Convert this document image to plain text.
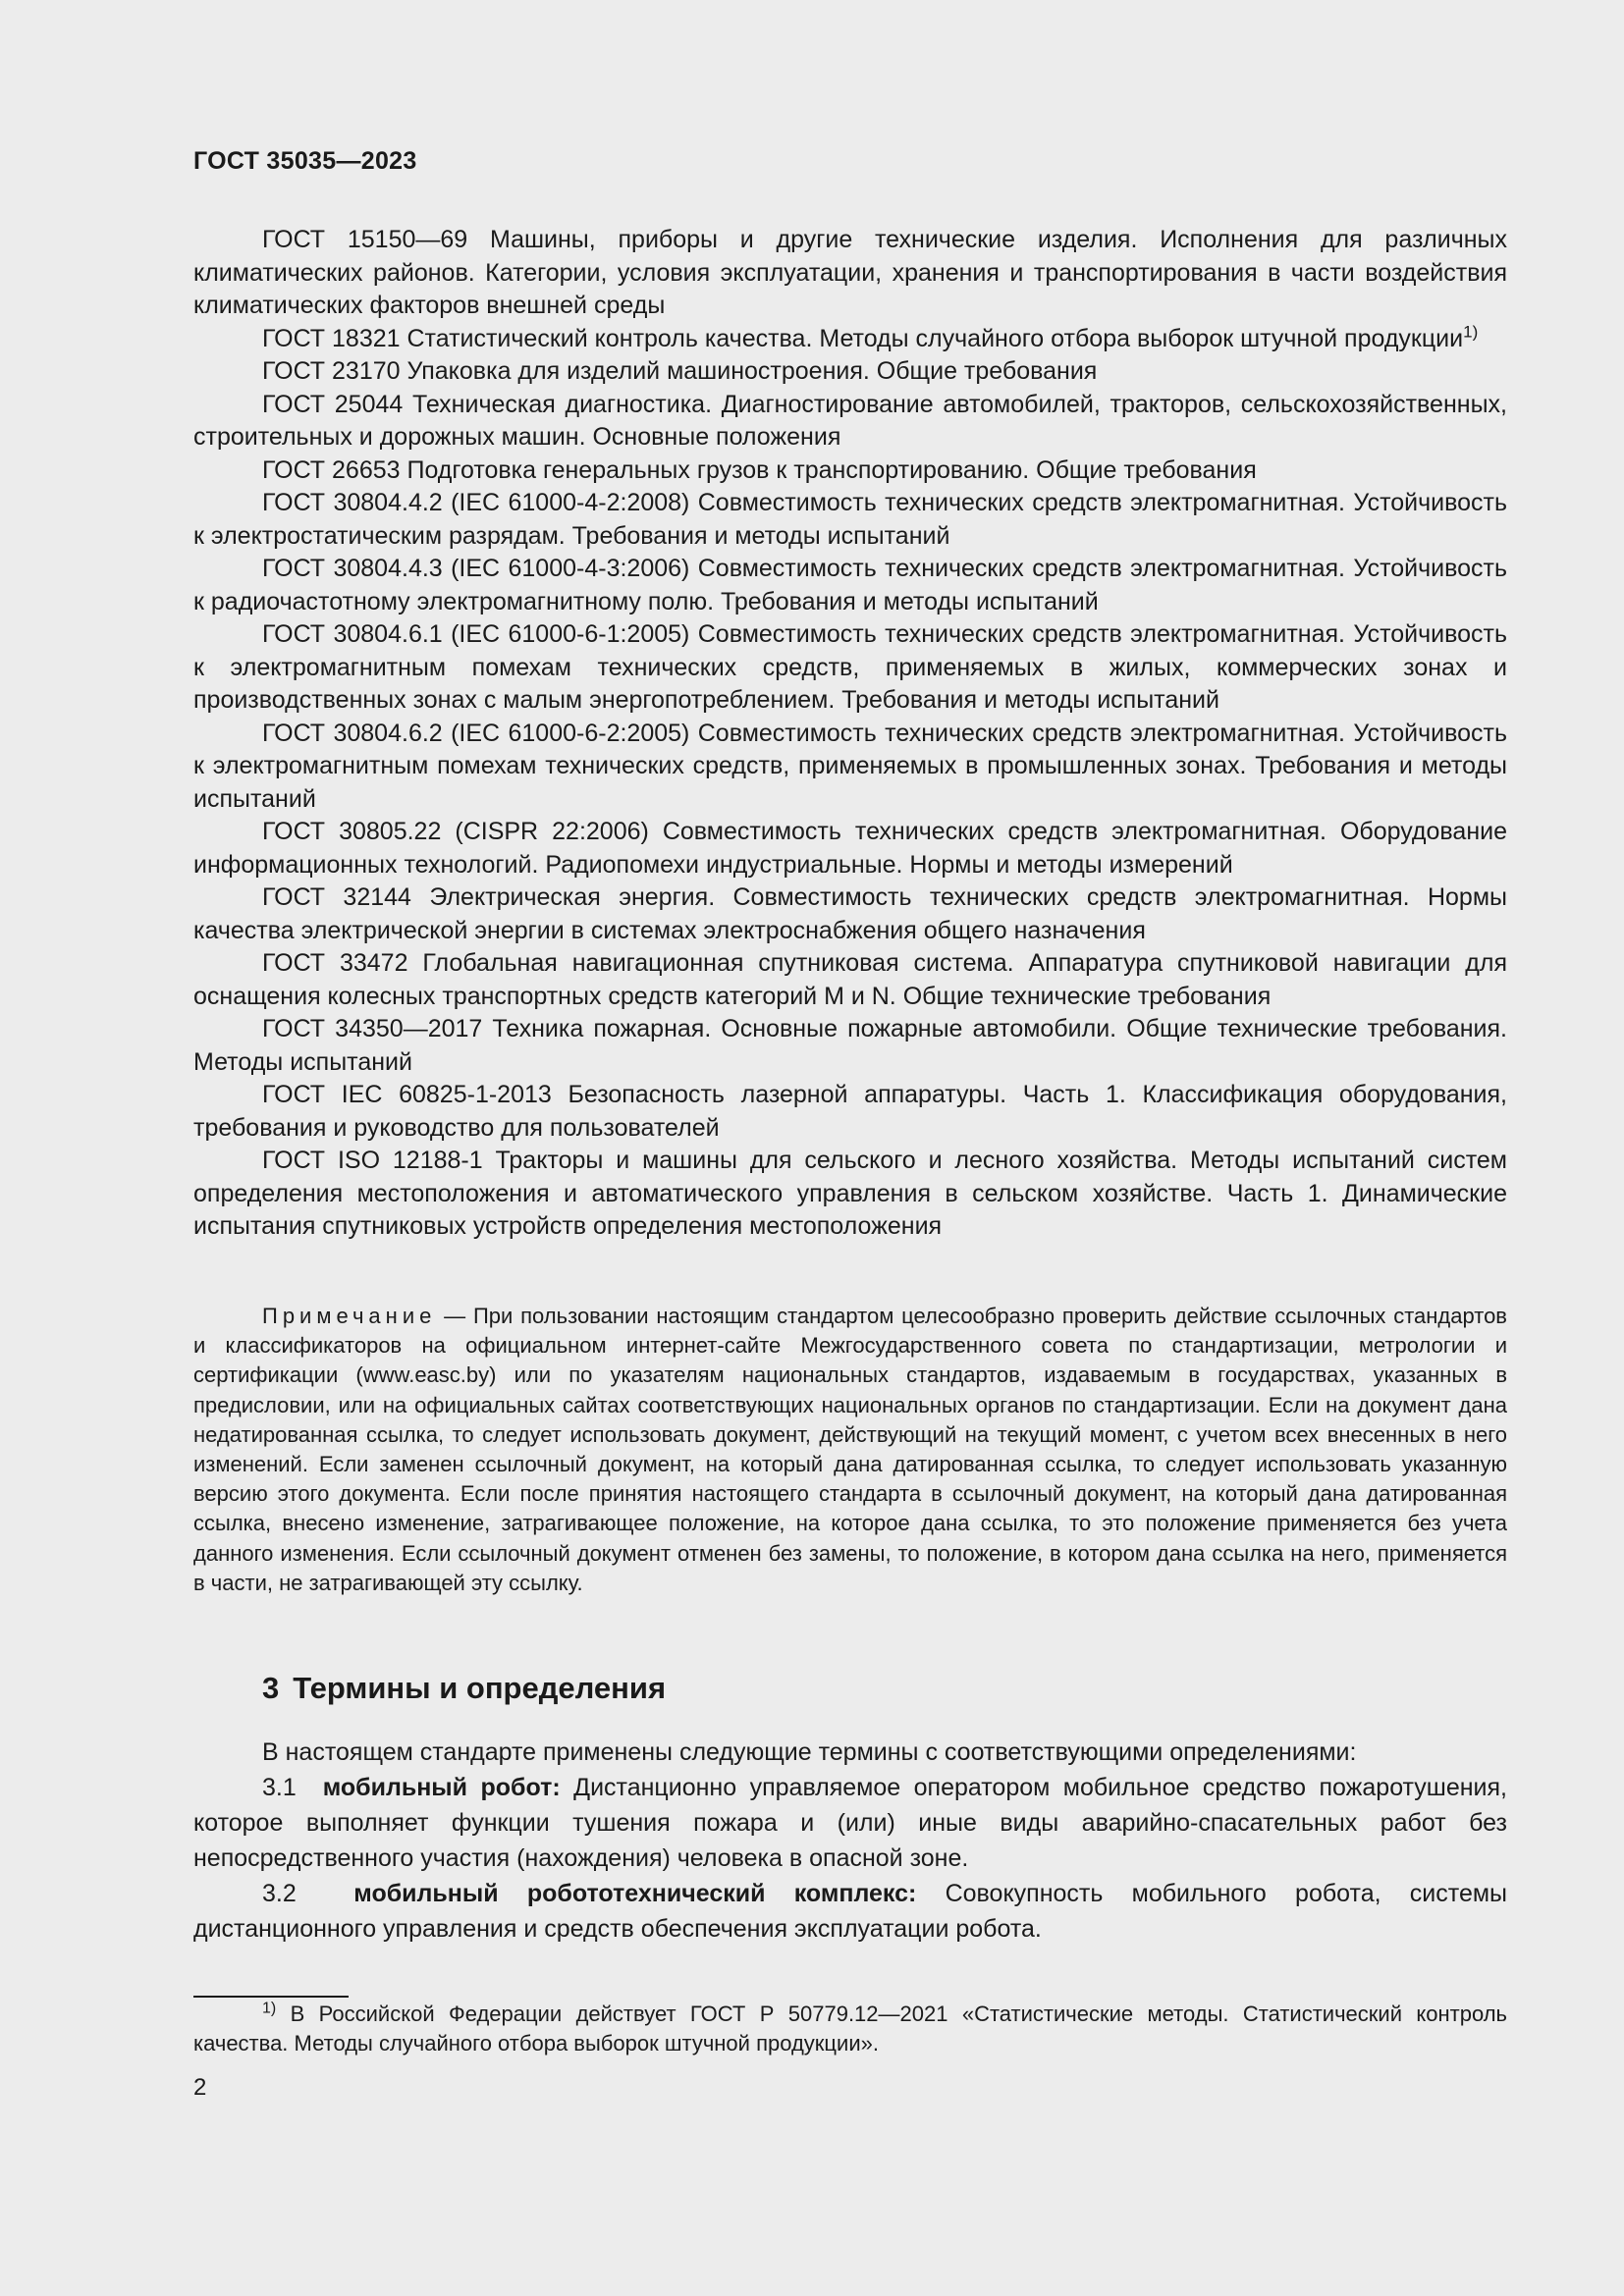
ГОСТ 35035—2023

ГОСТ 15150—69 Машины, приборы и другие технические изделия. Исполнения для различных климатических районов. Категории, условия эксплуатации, хранения и транспортирования в части воздействия климатических факторов внешней среды

ГОСТ 18321 Статистический контроль качества. Методы случайного отбора выборок штучной продукции$^{1)}$

ГОСТ 23170 Упаковка для изделий машиностроения. Общие требования

ГОСТ 25044 Техническая диагностика. Диагностирование автомобилей, тракторов, сельскохозяйственных, строительных и дорожных машин. Основные положения

ГОСТ 26653 Подготовка генеральных грузов к транспортированию. Общие требования

ГОСТ 30804.4.2 (IEC 61000-4-2:2008) Совместимость технических средств электромагнитная. Устойчивость к электростатическим разрядам. Требования и методы испытаний

ГОСТ 30804.4.3 (IEC 61000-4-3:2006) Совместимость технических средств электромагнитная. Устойчивость к радиочастотному электромагнитному полю. Требования и методы испытаний

ГОСТ 30804.6.1 (IEC 61000-6-1:2005) Совместимость технических средств электромагнитная. Устойчивость к электромагнитным помехам технических средств, применяемых в жилых, коммерческих зонах и производственных зонах с малым энергопотреблением. Требования и методы испытаний

ГОСТ 30804.6.2 (IEC 61000-6-2:2005) Совместимость технических средств электромагнитная. Устойчивость к электромагнитным помехам технических средств, применяемых в промышленных зонах. Требования и методы испытаний

ГОСТ 30805.22 (CISPR 22:2006) Совместимость технических средств электромагнитная. Оборудование информационных технологий. Радиопомехи индустриальные. Нормы и методы измерений

ГОСТ 32144 Электрическая энергия. Совместимость технических средств электромагнитная. Нормы качества электрической энергии в системах электроснабжения общего назначения

ГОСТ 33472 Глобальная навигационная спутниковая система. Аппаратура спутниковой навигации для оснащения колесных транспортных средств категорий M и N. Общие технические требования

ГОСТ 34350—2017 Техника пожарная. Основные пожарные автомобили. Общие технические требования. Методы испытаний

ГОСТ IEC 60825-1-2013 Безопасность лазерной аппаратуры. Часть 1. Классификация оборудования, требования и руководство для пользователей

ГОСТ ISO 12188-1 Тракторы и машины для сельского и лесного хозяйства. Методы испытаний систем определения местоположения и автоматического управления в сельском хозяйстве. Часть 1. Динамические испытания спутниковых устройств определения местоположения

Примечание — При пользовании настоящим стандартом целесообразно проверить действие ссылочных стандартов и классификаторов на официальном интернет-сайте Межгосударственного совета по стандартизации, метрологии и сертификации (www.easc.by) или по указателям национальных стандартов, издаваемым в государствах, указанных в предисловии, или на официальных сайтах соответствующих национальных органов по стандартизации. Если на документ дана недатированная ссылка, то следует использовать документ, действующий на текущий момент, с учетом всех внесенных в него изменений. Если заменен ссылочный документ, на который дана датированная ссылка, то следует использовать указанную версию этого документа. Если после принятия настоящего стандарта в ссылочный документ, на который дана датированная ссылка, внесено изменение, затрагивающее положение, на которое дана ссылка, то это положение применяется без учета данного изменения. Если ссылочный документ отменен без замены, то положение, в котором дана ссылка на него, применяется в части, не затрагивающей эту ссылку.
3 Термины и определения

В настоящем стандарте применены следующие термины с соответствующими определениями:

3.1 мобильный робот: Дистанционно управляемое оператором мобильное средство пожаротушения, которое выполняет функции тушения пожара и (или) иные виды аварийно-спасательных работ без непосредственного участия (нахождения) человека в опасной зоне.

3.2 мобильный робототехнический комплекс: Совокупность мобильного робота, системы дистанционного управления и средств обеспечения эксплуатации робота.

$^{1)}$ В Российской Федерации действует ГОСТ Р 50779.12—2021 «Статистические методы. Статистический контроль качества. Методы случайного отбора выборок штучной продукции».
2
